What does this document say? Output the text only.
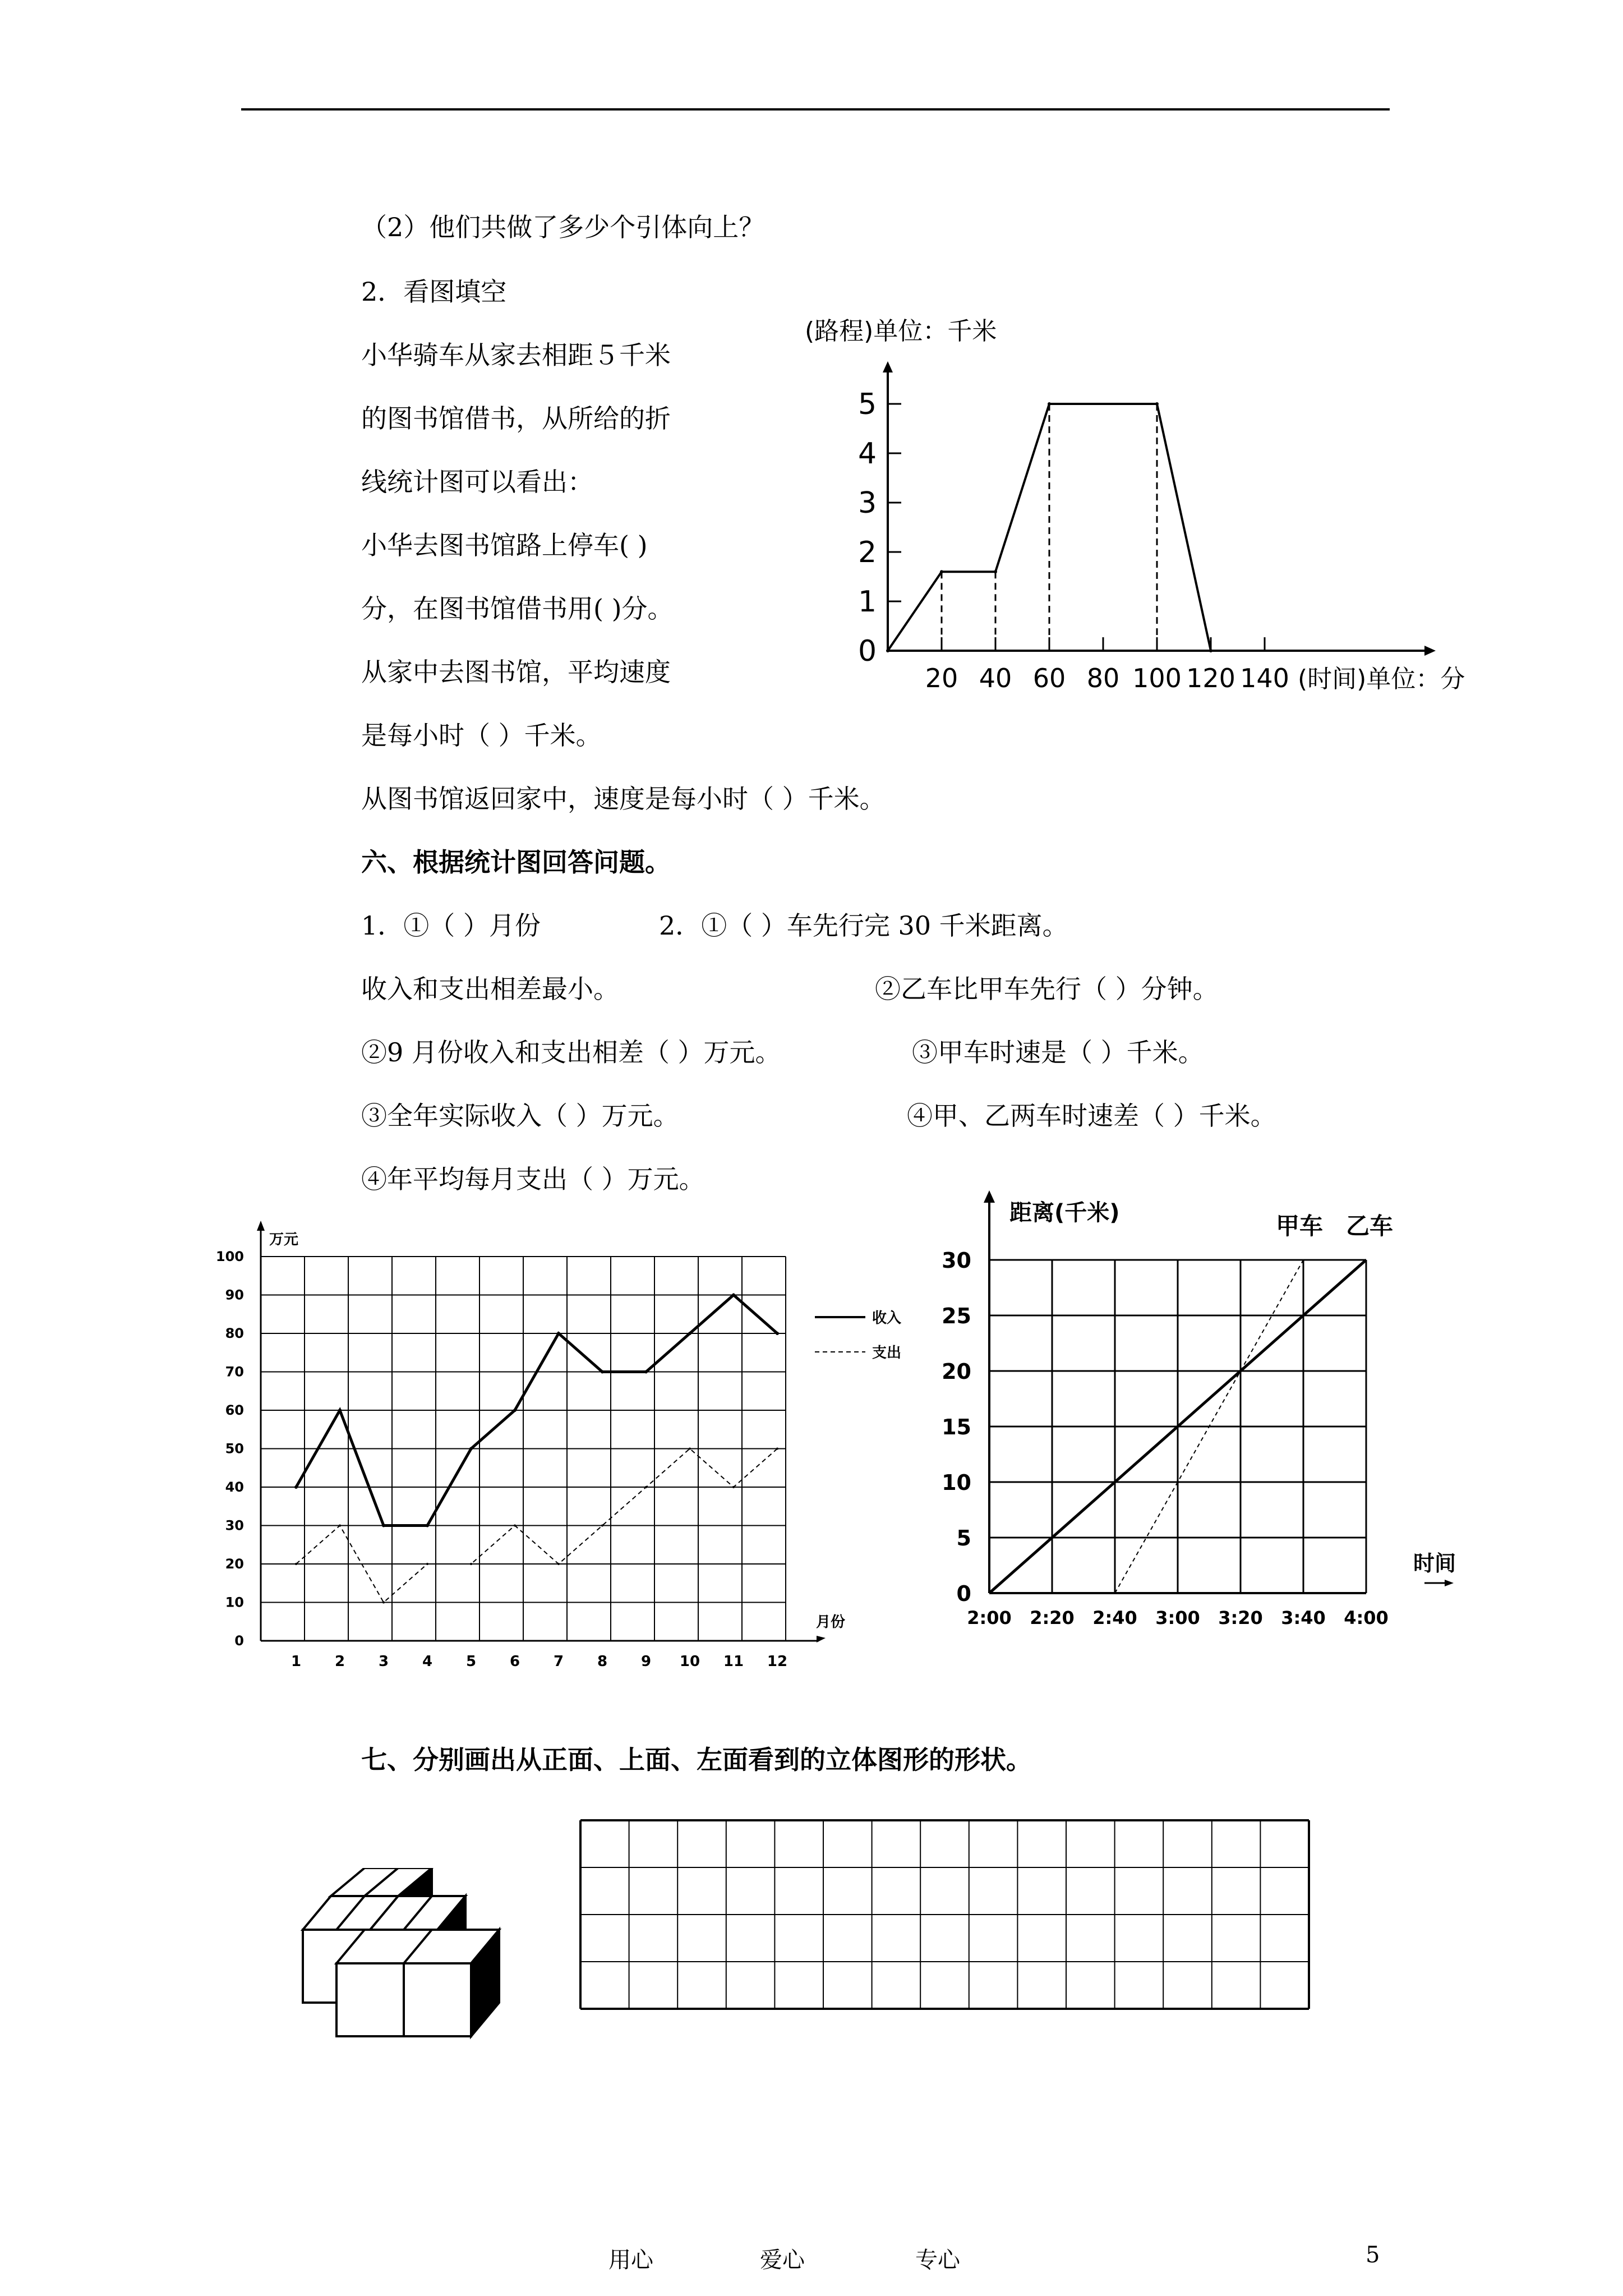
（2）他们共做了多少个引体向上？
2．看图填空
小华骑车从家去相距５千米
的图书馆借书，从所给的折
线统计图可以看出：
小华去图书馆路上停车( )
分，在图书馆借书用( )分。
从家中去图书馆，平均速度
是每小时（ ）千米。
从图书馆返回家中，速度是每小时（ ）千米。
六、根据统计图回答问题。
1．①（ ）月份	2．①（ ）车先行完 30 千米距离。
收入和支出相差最小。	②乙车比甲车先行（ ）分钟。
②9 月份收入和支出相差（ ）万元。	③甲车时速是（ ）千米。
③全年实际收入（ ）万元。	④甲、乙两车时速差（ ）千米。
④年平均每月支出（ ）万元。
七、分别画出从正面、上面、左面看到的立体图形的形状。
(路程)单位：千米
(时间)单位：分
0
1
2
3
4
5
20 40 60 80 100 120 140
万元
月份
0
10
20
30
40
50
60
70
80
90
100
1 2 3 4 5 6 7 8 9 10 11 12
收入
支出
距离(千米)
时间
0
5
10
15
20
25
30
2:00 2:20 2:40 3:00 3:20 3:40 4:00
甲车 乙车
用心	爱心	专心	5
